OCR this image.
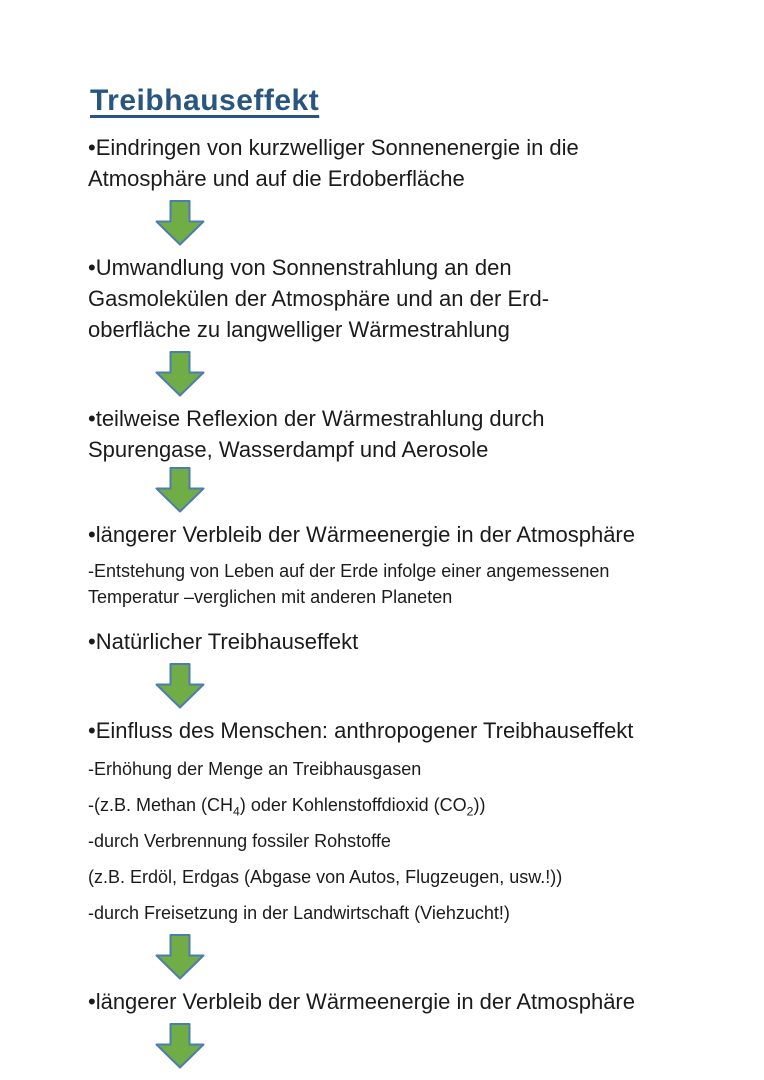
Treibhauseffekt

•Eindringen von kurzwelliger Sonnenenergie in die

Atmosphäre und auf die Erdoberfläche

•Umwandlung von Sonnenstrahlung an den

Gasmolekülen der Atmosphäre und an der Erd-

oberfläche zu langwelliger Wärmestrahlung

•teilweise Reflexion der Wärmestrahlung durch

Spurengase, Wasserdampf und Aerosole

•längerer Verbleib der Wärmeenergie in der Atmosphäre

-Entstehung von Leben auf der Erde infolge einer angemessenen

Temperatur –verglichen mit anderen Planeten

•Natürlicher Treibhauseffekt

•Einfluss des Menschen: anthropogener Treibhauseffekt

-Erhöhung der Menge an Treibhausgasen

-(z.B. Methan $(CH_4)$ oder Kohlenstoffdioxid $(CO_2)$)

-durch Verbrennung fossiler Rohstoffe

(z.B. Erdöl, Erdgas (Abgase von Autos, Flugzeugen, usw.!))

-durch Freisetzung in der Landwirtschaft (Viehzucht!)

•längerer Verbleib der Wärmeenergie in der Atmosphäre
